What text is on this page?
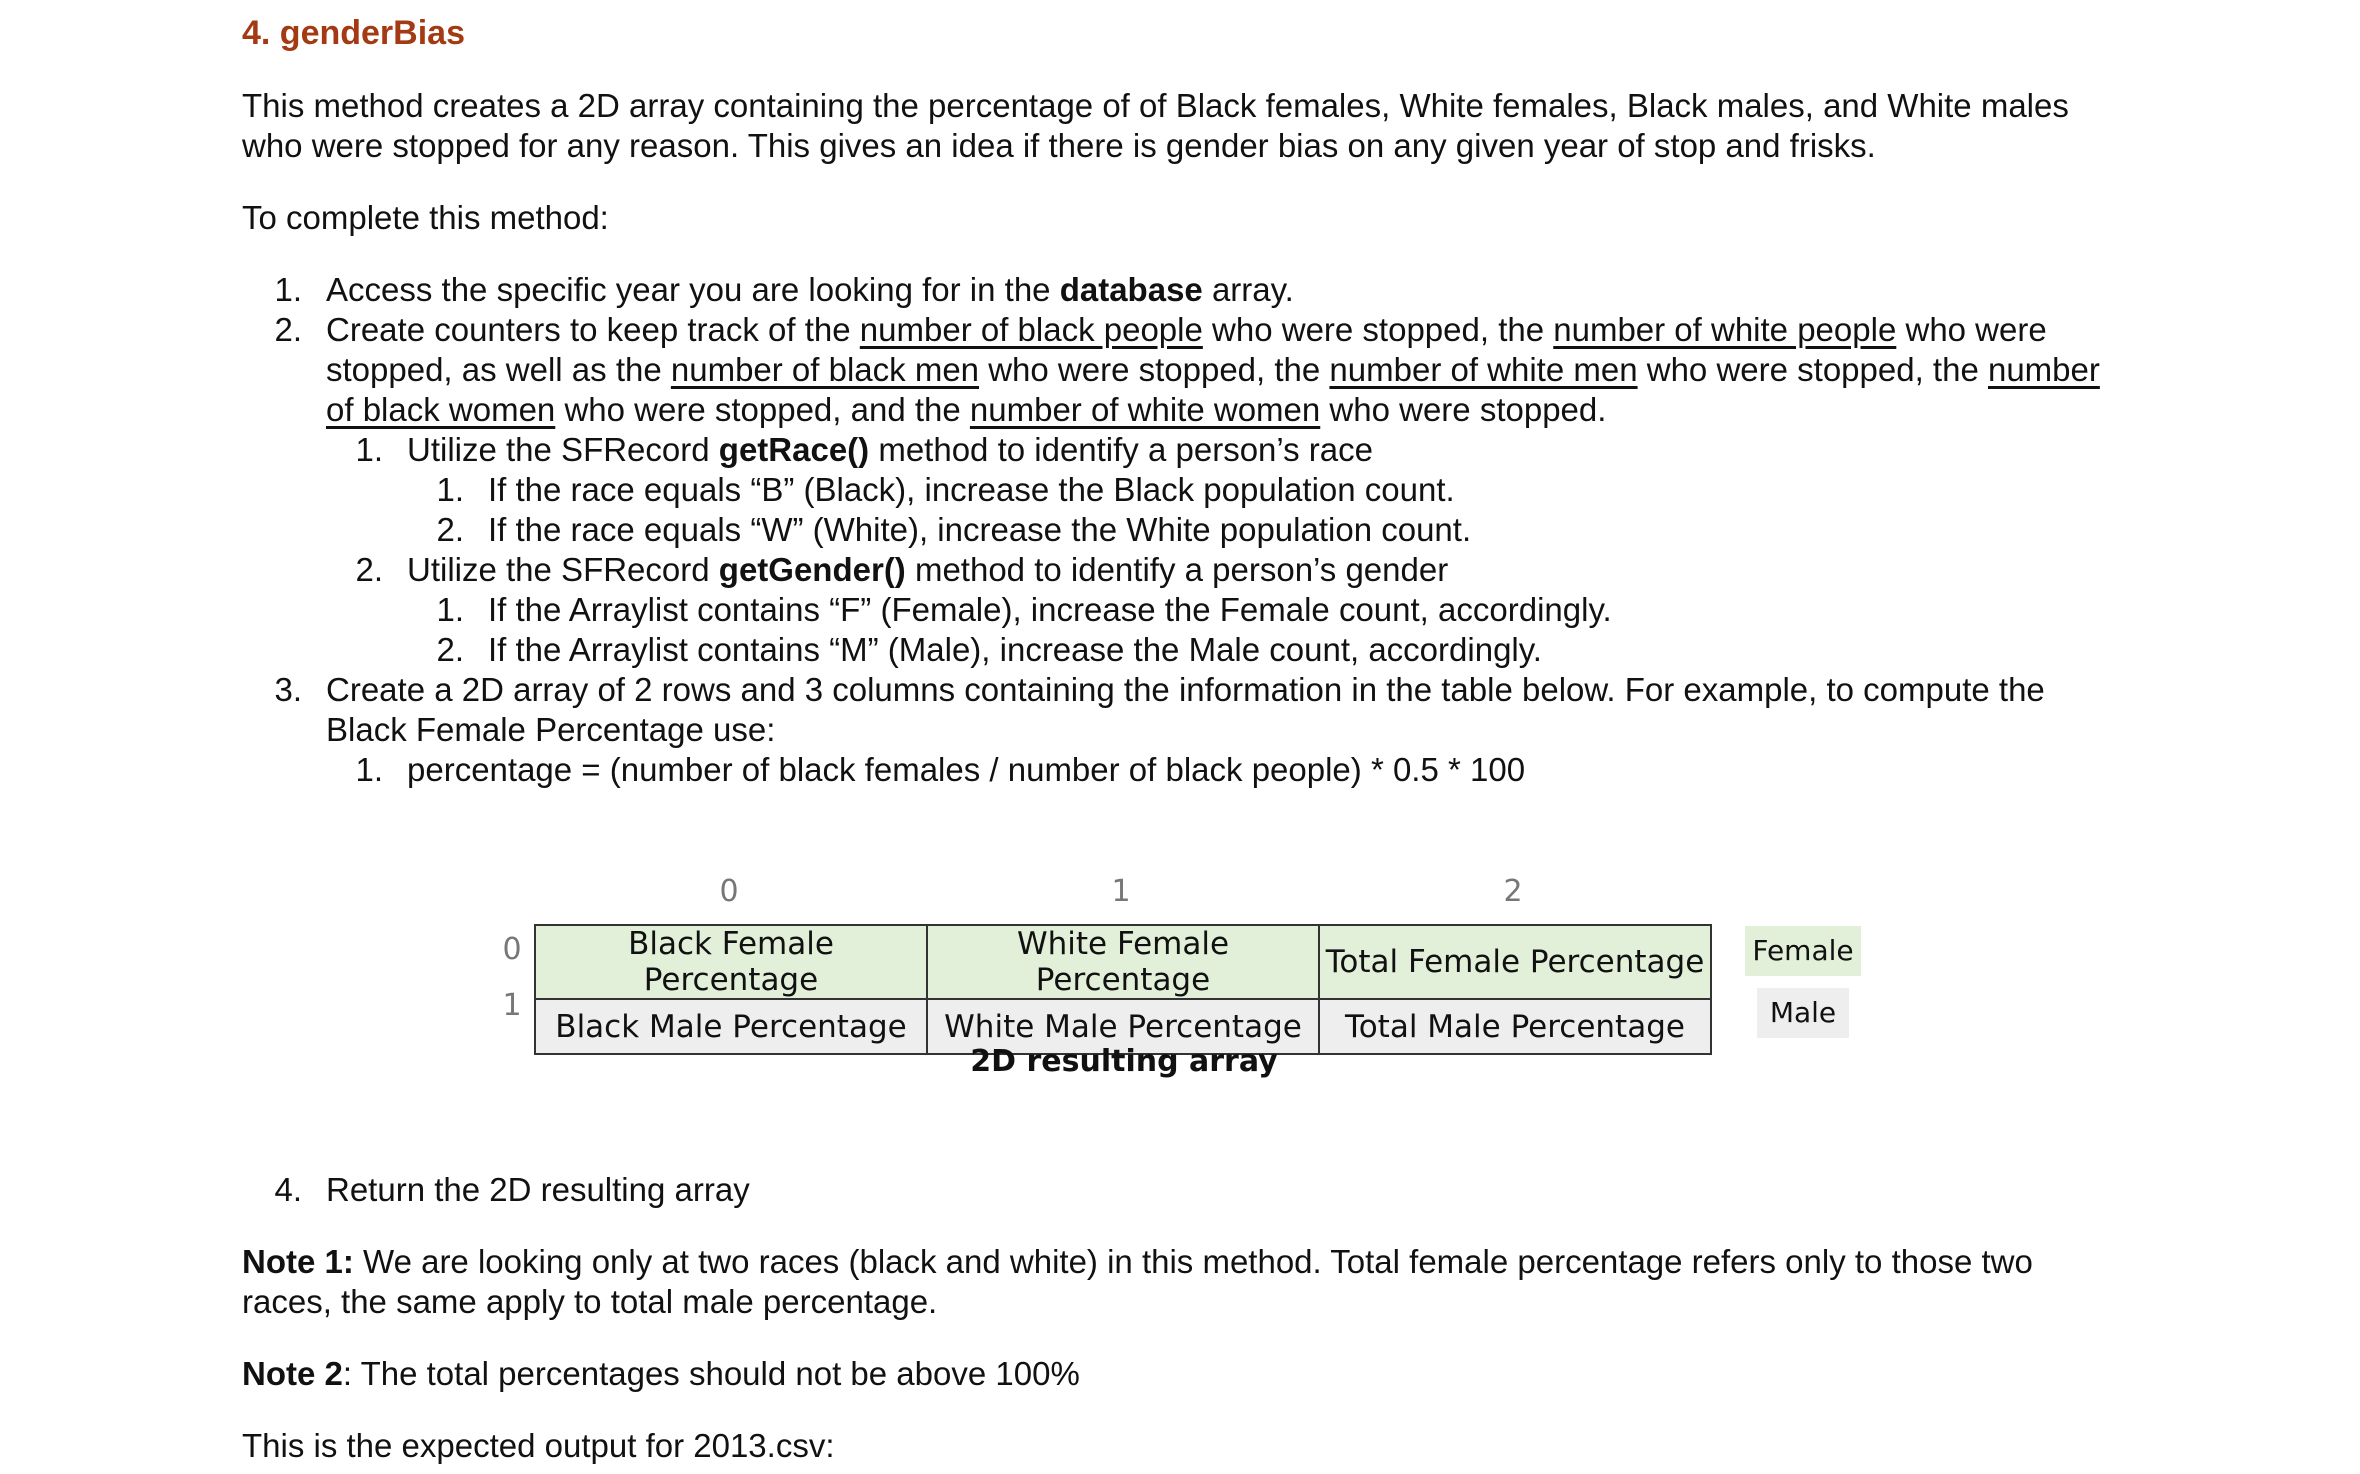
4. genderBias
This method creates a 2D array containing the percentage of of Black females, White females, Black males, and White males who were stopped for any reason. This gives an idea if there is gender bias on any given year of stop and frisks.
To complete this method:
1. Access the specific year you are looking for in the database array.
2. Create counters to keep track of the number of black people who were stopped, the number of white people who were stopped, as well as the number of black men who were stopped, the number of white men who were stopped, the number of black women who were stopped, and the number of white women who were stopped.
1. Utilize the SFRecord getRace() method to identify a person’s race
1. If the race equals “B” (Black), increase the Black population count.
2. If the race equals “W” (White), increase the White population count.
2. Utilize the SFRecord getGender() method to identify a person’s gender
1. If the Arraylist contains “F” (Female), increase the Female count, accordingly.
2. If the Arraylist contains “M” (Male), increase the Male count, accordingly.
3. Create a 2D array of 2 rows and 3 columns containing the information in the table below. For example, to compute the Black Female Percentage use:
1. percentage = (number of black females / number of black people) * 0.5 * 100
0	1	2
0
1
Black Female Percentage	White Female Percentage	Total Female Percentage
Black Male Percentage	White Male Percentage	Total Male Percentage
2D resulting array
Female
Male
4. Return the 2D resulting array
Note 1: We are looking only at two races (black and white) in this method. Total female percentage refers only to those two races, the same apply to total male percentage.
Note 2: The total percentages should not be above 100%
This is the expected output for 2013.csv:
